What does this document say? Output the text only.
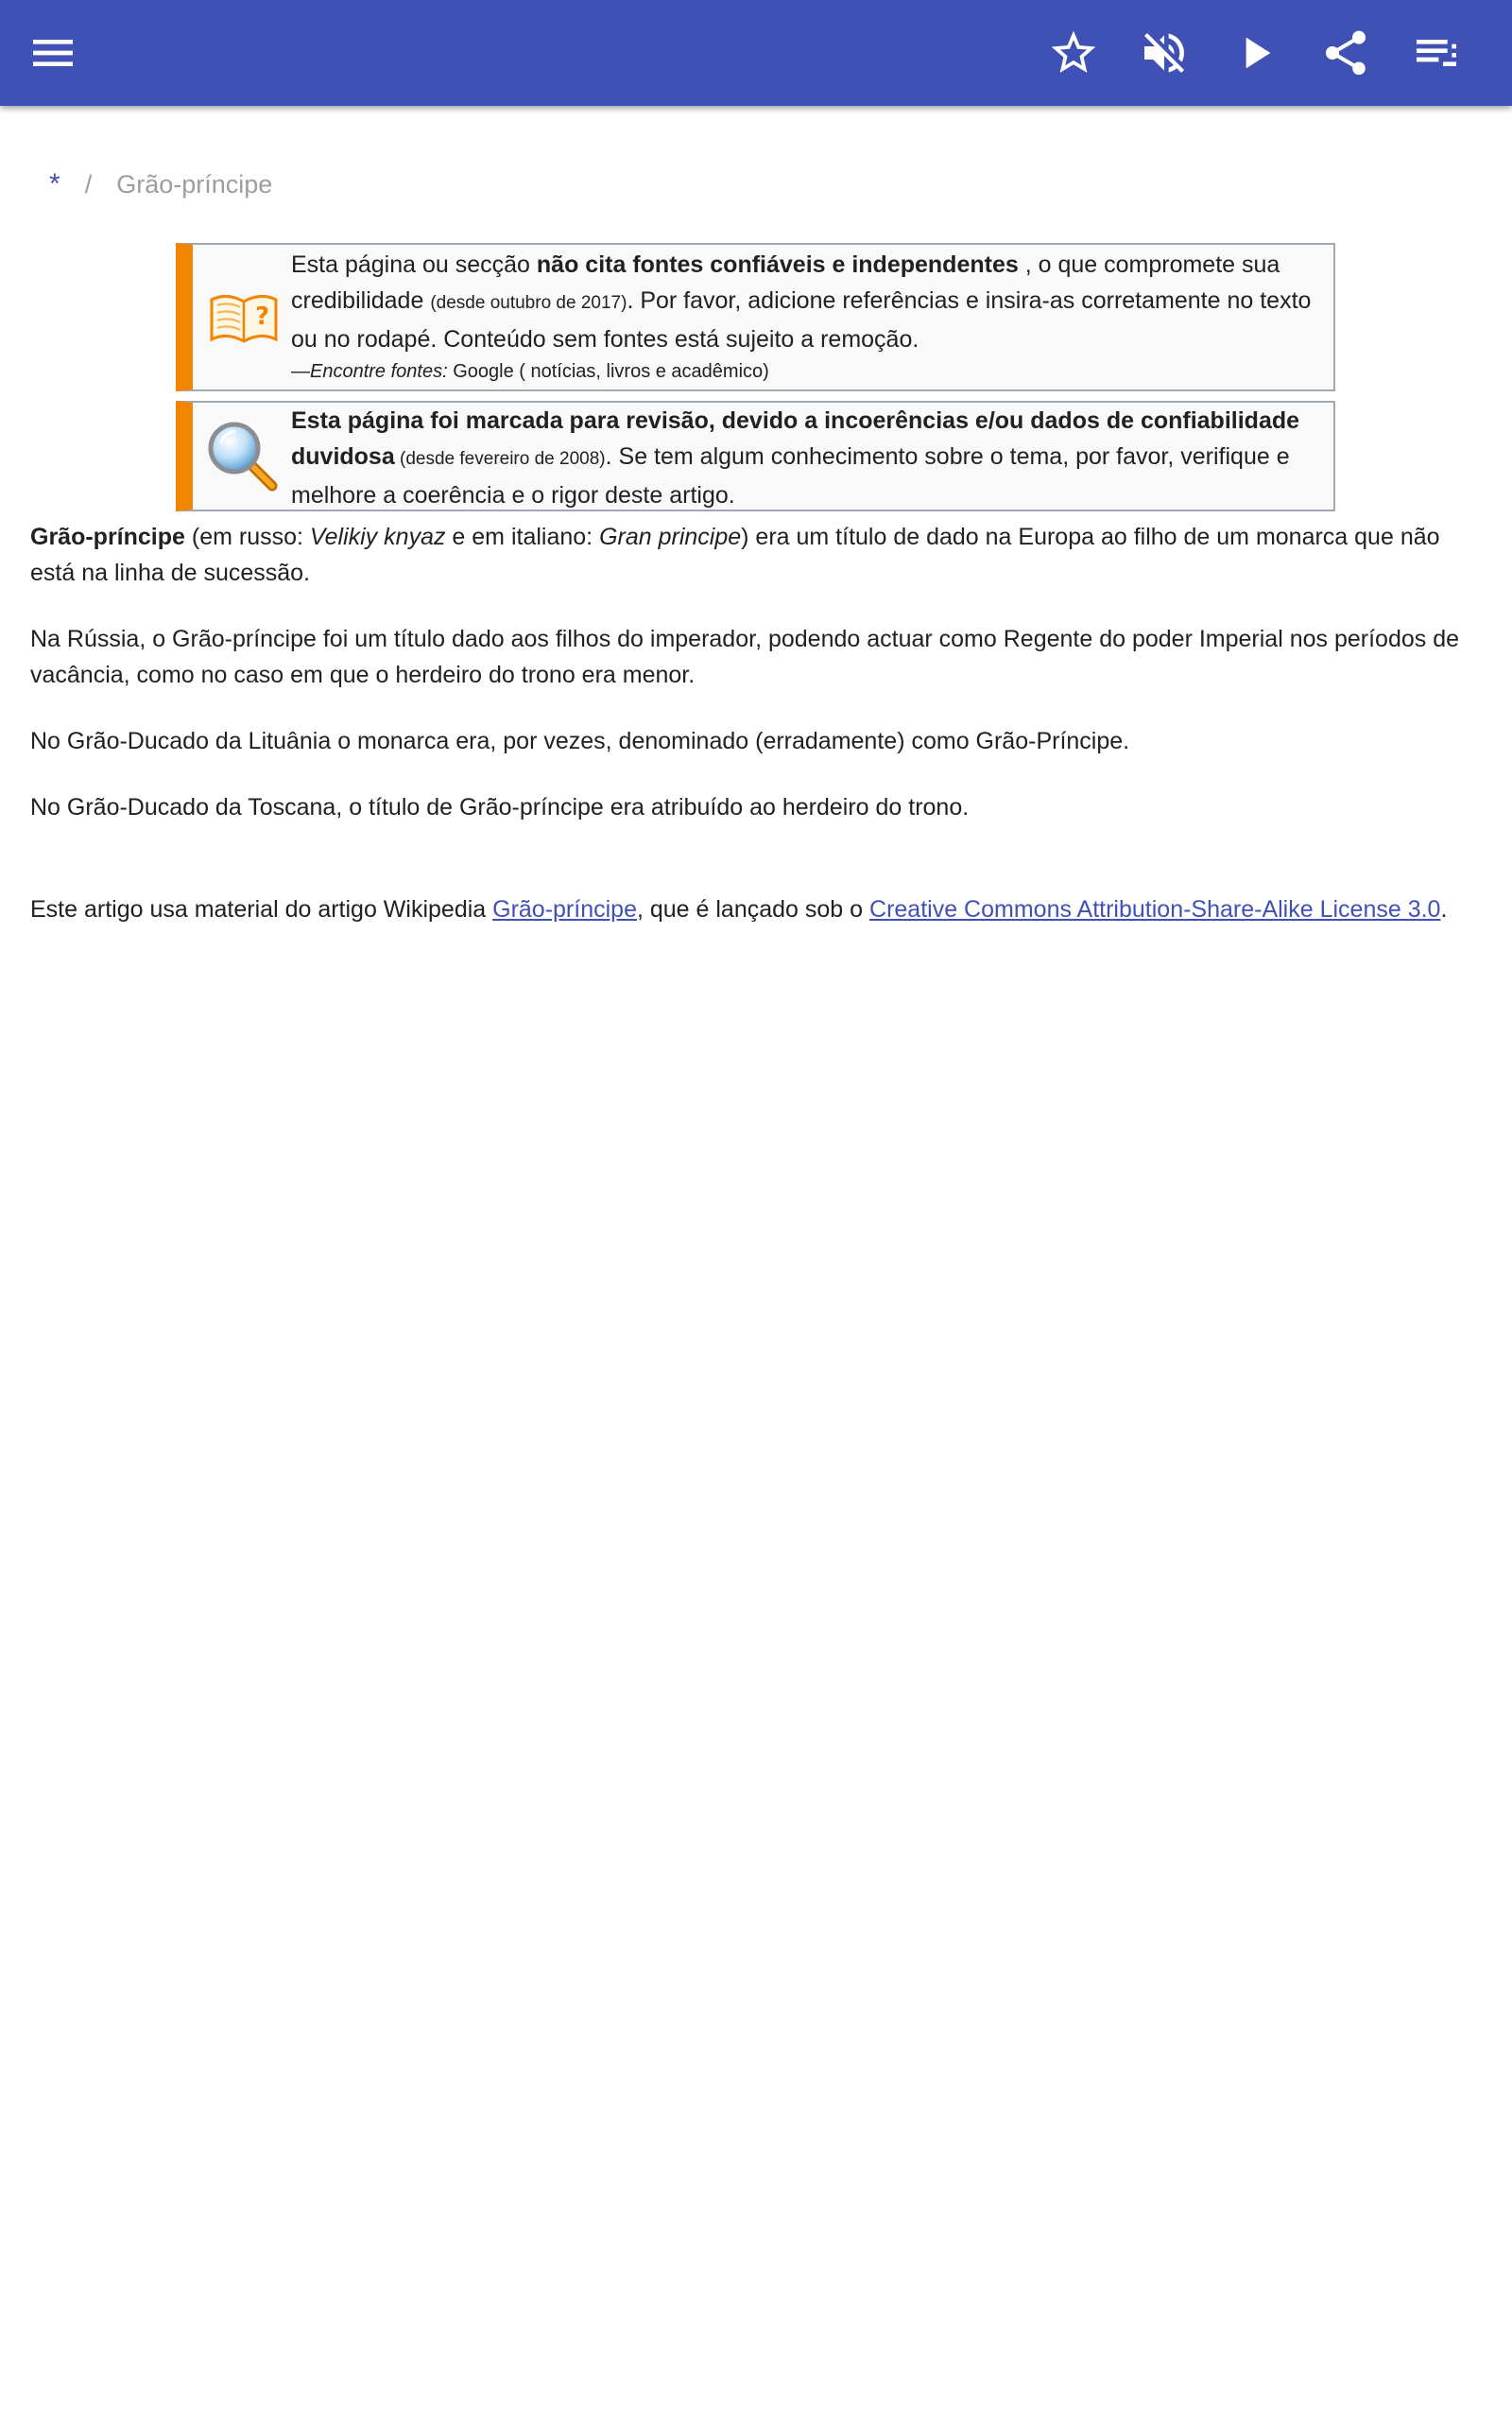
* / Grão-príncipe
?
Esta página ou secção não cita fontes confiáveis e independentes , o que compromete sua credibilidade (desde outubro de 2017). Por favor, adicione referências e insira-as corretamente no texto ou no rodapé. Conteúdo sem fontes está sujeito a remoção.
—Encontre fontes: Google ( notícias, livros e acadêmico)
Esta página foi marcada para revisão, devido a incoerências e/ou dados de confiabilidade duvidosa (desde fevereiro de 2008). Se tem algum conhecimento sobre o tema, por favor, verifique e melhore a coerência e o rigor deste artigo.

Grão-príncipe (em russo: Velikiy knyaz e em italiano: Gran principe) era um título de dado na Europa ao filho de um monarca que não está na linha de sucessão.

Na Rússia, o Grão-príncipe foi um título dado aos filhos do imperador, podendo actuar como Regente do poder Imperial nos períodos de vacância, como no caso em que o herdeiro do trono era menor.

No Grão-Ducado da Lituânia o monarca era, por vezes, denominado (erradamente) como Grão-Príncipe.

No Grão-Ducado da Toscana, o título de Grão-príncipe era atribuído ao herdeiro do trono.

Este artigo usa material do artigo Wikipedia Grão-príncipe, que é lançado sob o Creative Commons Attribution-Share-Alike License 3.0.
